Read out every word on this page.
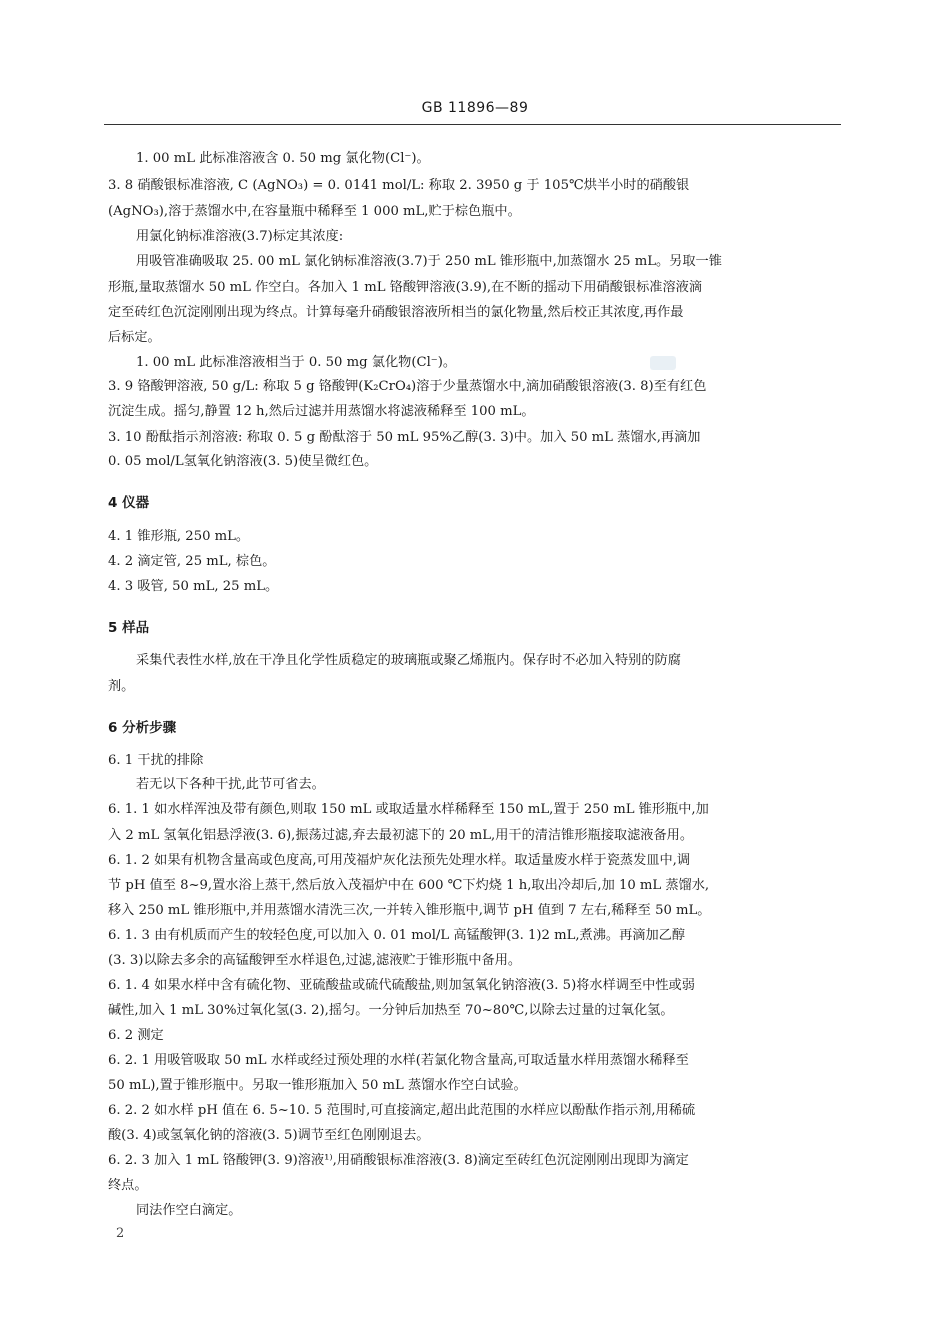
GB 11896—89
1. 00 mL 此标准溶液含 0. 50 mg 氯化物(Cl⁻)。
3. 8 硝酸银标准溶液, C (AgNO₃) = 0. 0141 mol/L: 称取 2. 3950 g 于 105℃烘半小时的硝酸银
(AgNO₃),溶于蒸馏水中,在容量瓶中稀释至 1 000 mL,贮于棕色瓶中。
用氯化钠标准溶液(3.7)标定其浓度:
用吸管准确吸取 25. 00 mL 氯化钠标准溶液(3.7)于 250 mL 锥形瓶中,加蒸馏水 25 mL。另取一锥
形瓶,量取蒸馏水 50 mL 作空白。各加入 1 mL 铬酸钾溶液(3.9),在不断的摇动下用硝酸银标准溶液滴
定至砖红色沉淀刚刚出现为终点。计算每毫升硝酸银溶液所相当的氯化物量,然后校正其浓度,再作最
后标定。
1. 00 mL 此标准溶液相当于 0. 50 mg 氯化物(Cl⁻)。
3. 9 铬酸钾溶液, 50 g/L: 称取 5 g 铬酸钾(K₂CrO₄)溶于少量蒸馏水中,滴加硝酸银溶液(3. 8)至有红色
沉淀生成。摇匀,静置 12 h,然后过滤并用蒸馏水将滤液稀释至 100 mL。
3. 10 酚酞指示剂溶液: 称取 0. 5 g 酚酞溶于 50 mL 95%乙醇(3. 3)中。加入 50 mL 蒸馏水,再滴加
0. 05 mol/L氢氧化钠溶液(3. 5)使呈微红色。
4 仪器
4. 1 锥形瓶, 250 mL。
4. 2 滴定管, 25 mL, 棕色。
4. 3 吸管, 50 mL, 25 mL。
5 样品
采集代表性水样,放在干净且化学性质稳定的玻璃瓶或聚乙烯瓶内。保存时不必加入特别的防腐
剂。
6 分析步骤
6. 1 干扰的排除
若无以下各种干扰,此节可省去。
6. 1. 1 如水样浑浊及带有颜色,则取 150 mL 或取适量水样稀释至 150 mL,置于 250 mL 锥形瓶中,加
入 2 mL 氢氧化铝悬浮液(3. 6),振荡过滤,弃去最初滤下的 20 mL,用干的清洁锥形瓶接取滤液备用。
6. 1. 2 如果有机物含量高或色度高,可用茂福炉灰化法预先处理水样。取适量废水样于瓷蒸发皿中,调
节 pH 值至 8~9,置水浴上蒸干,然后放入茂福炉中在 600 ℃下灼烧 1 h,取出冷却后,加 10 mL 蒸馏水,
移入 250 mL 锥形瓶中,并用蒸馏水清洗三次,一并转入锥形瓶中,调节 pH 值到 7 左右,稀释至 50 mL。
6. 1. 3 由有机质而产生的较轻色度,可以加入 0. 01 mol/L 高锰酸钾(3. 1)2 mL,煮沸。再滴加乙醇
(3. 3)以除去多余的高锰酸钾至水样退色,过滤,滤液贮于锥形瓶中备用。
6. 1. 4 如果水样中含有硫化物、亚硫酸盐或硫代硫酸盐,则加氢氧化钠溶液(3. 5)将水样调至中性或弱
碱性,加入 1 mL 30%过氧化氢(3. 2),摇匀。一分钟后加热至 70~80℃,以除去过量的过氧化氢。
6. 2 测定
6. 2. 1 用吸管吸取 50 mL 水样或经过预处理的水样(若氯化物含量高,可取适量水样用蒸馏水稀释至
50 mL),置于锥形瓶中。另取一锥形瓶加入 50 mL 蒸馏水作空白试验。
6. 2. 2 如水样 pH 值在 6. 5~10. 5 范围时,可直接滴定,超出此范围的水样应以酚酞作指示剂,用稀硫
酸(3. 4)或氢氧化钠的溶液(3. 5)调节至红色刚刚退去。
6. 2. 3 加入 1 mL 铬酸钾(3. 9)溶液¹⁾,用硝酸银标准溶液(3. 8)滴定至砖红色沉淀刚刚出现即为滴定
终点。
同法作空白滴定。
2
